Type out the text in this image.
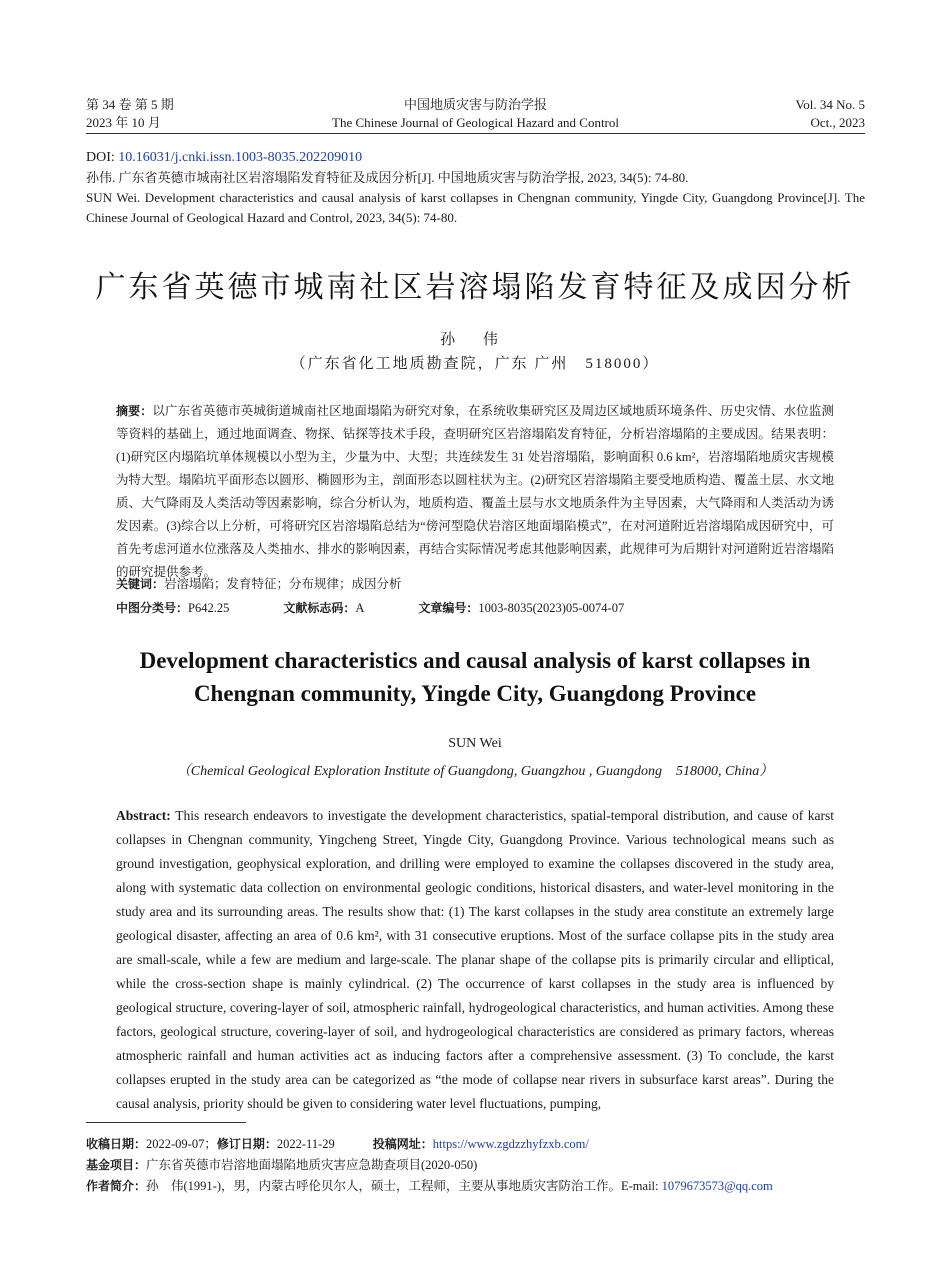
第 34 卷 第 5 期
2023 年 10 月
中国地质灾害与防治学报
The Chinese Journal of Geological Hazard and Control
Vol. 34 No. 5
Oct., 2023
DOI: 10.16031/j.cnki.issn.1003-8035.202209010
孙伟. 广东省英德市城南社区岩溶塌陷发育特征及成因分析[J]. 中国地质灾害与防治学报, 2023, 34(5): 74-80.
SUN Wei. Development characteristics and causal analysis of karst collapses in Chengnan community, Yingde City, Guangdong Province[J]. The Chinese Journal of Geological Hazard and Control, 2023, 34(5): 74-80.
广东省英德市城南社区岩溶塌陷发育特征及成因分析
孙 伟
（广东省化工地质勘查院，广东 广州　518000）
摘要：以广东省英德市英城街道城南社区地面塌陷为研究对象，在系统收集研究区及周边区域地质环境条件、历史灾情、水位监测等资料的基础上，通过地面调查、物探、钻探等技术手段，查明研究区岩溶塌陷发育特征，分析岩溶塌陷的主要成因。结果表明：(1)研究区内塌陷坑单体规模以小型为主，少量为中、大型；共连续发生 31 处岩溶塌陷，影响面积 0.6 km²，岩溶塌陷地质灾害规模为特大型。塌陷坑平面形态以圆形、椭圆形为主，剖面形态以圆柱状为主。(2)研究区岩溶塌陷主要受地质构造、覆盖土层、水文地质、大气降雨及人类活动等因素影响，综合分析认为，地质构造、覆盖土层与水文地质条件为主导因素，大气降雨和人类活动为诱发因素。(3)综合以上分析，可将研究区岩溶塌陷总结为“傍河型隐伏岩溶区地面塌陷模式”，在对河道附近岩溶塌陷成因研究中，可首先考虑河道水位涨落及人类抽水、排水的影响因素，再结合实际情况考虑其他影响因素，此规律可为后期针对河道附近岩溶塌陷的研究提供参考。
关键词：岩溶塌陷；发育特征；分布规律；成因分析
中图分类号：P642.25	文献标志码：A	文章编号：1003-8035(2023)05-0074-07
Development characteristics and causal analysis of karst collapses in
Chengnan community, Yingde City, Guangdong Province
SUN Wei
（Chemical Geological Exploration Institute of Guangdong, Guangzhou , Guangdong　518000, China）
Abstract: This research endeavors to investigate the development characteristics, spatial-temporal distribution, and cause of karst collapses in Chengnan community, Yingcheng Street, Yingde City, Guangdong Province. Various technological means such as ground investigation, geophysical exploration, and drilling were employed to examine the collapses discovered in the study area, along with systematic data collection on environmental geologic conditions, historical disasters, and water-level monitoring in the study area and its surrounding areas. The results show that: (1) The karst collapses in the study area constitute an extremely large geological disaster, affecting an area of 0.6 km², with 31 consecutive eruptions. Most of the surface collapse pits in the study area are small-scale, while a few are medium and large-scale. The planar shape of the collapse pits is primarily circular and elliptical, while the cross-section shape is mainly cylindrical. (2) The occurrence of karst collapses in the study area is influenced by geological structure, covering-layer of soil, atmospheric rainfall, hydrogeological characteristics, and human activities. Among these factors, geological structure, covering-layer of soil, and hydrogeological characteristics are considered as primary factors, whereas atmospheric rainfall and human activities act as inducing factors after a comprehensive assessment. (3) To conclude, the karst collapses erupted in the study area can be categorized as “the mode of collapse near rivers in subsurface karst areas”. During the causal analysis, priority should be given to considering water level fluctuations, pumping,
收稿日期：2022-09-07；修订日期：2022-11-29	投稿网址：https://www.zgdzzhyfzxb.com/
基金项目：广东省英德市岩溶地面塌陷地质灾害应急勘查项目(2020-050)
作者简介：孙　伟(1991-)，男，内蒙古呼伦贝尔人，硕士，工程师，主要从事地质灾害防治工作。E-mail: 1079673573@qq.com
